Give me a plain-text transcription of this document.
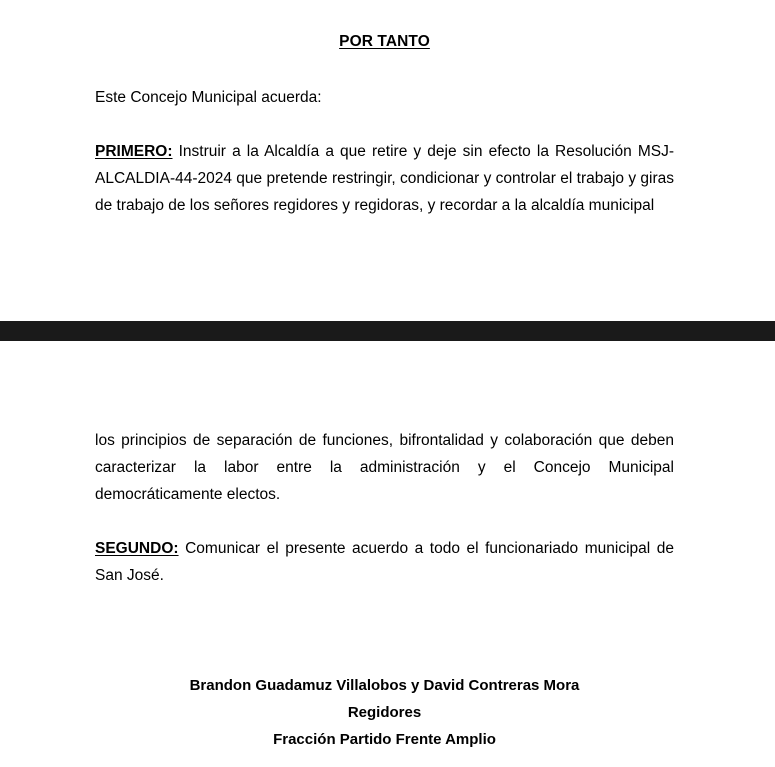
POR TANTO

Este Concejo Municipal acuerda:

PRIMERO: Instruir a la Alcaldía a que retire y deje sin efecto la Resolución MSJ-ALCALDIA-44-2024 que pretende restringir, condicionar y controlar el trabajo y giras de trabajo de los señores regidores y regidoras, y recordar a la alcaldía municipal

los principios de separación de funciones, bifrontalidad y colaboración que deben caracterizar la labor entre la administración y el Concejo Municipal democráticamente electos.

SEGUNDO: Comunicar el presente acuerdo a todo el funcionariado municipal de San José.

Brandon Guadamuz Villalobos y David Contreras Mora

Regidores

Fracción Partido Frente Amplio
